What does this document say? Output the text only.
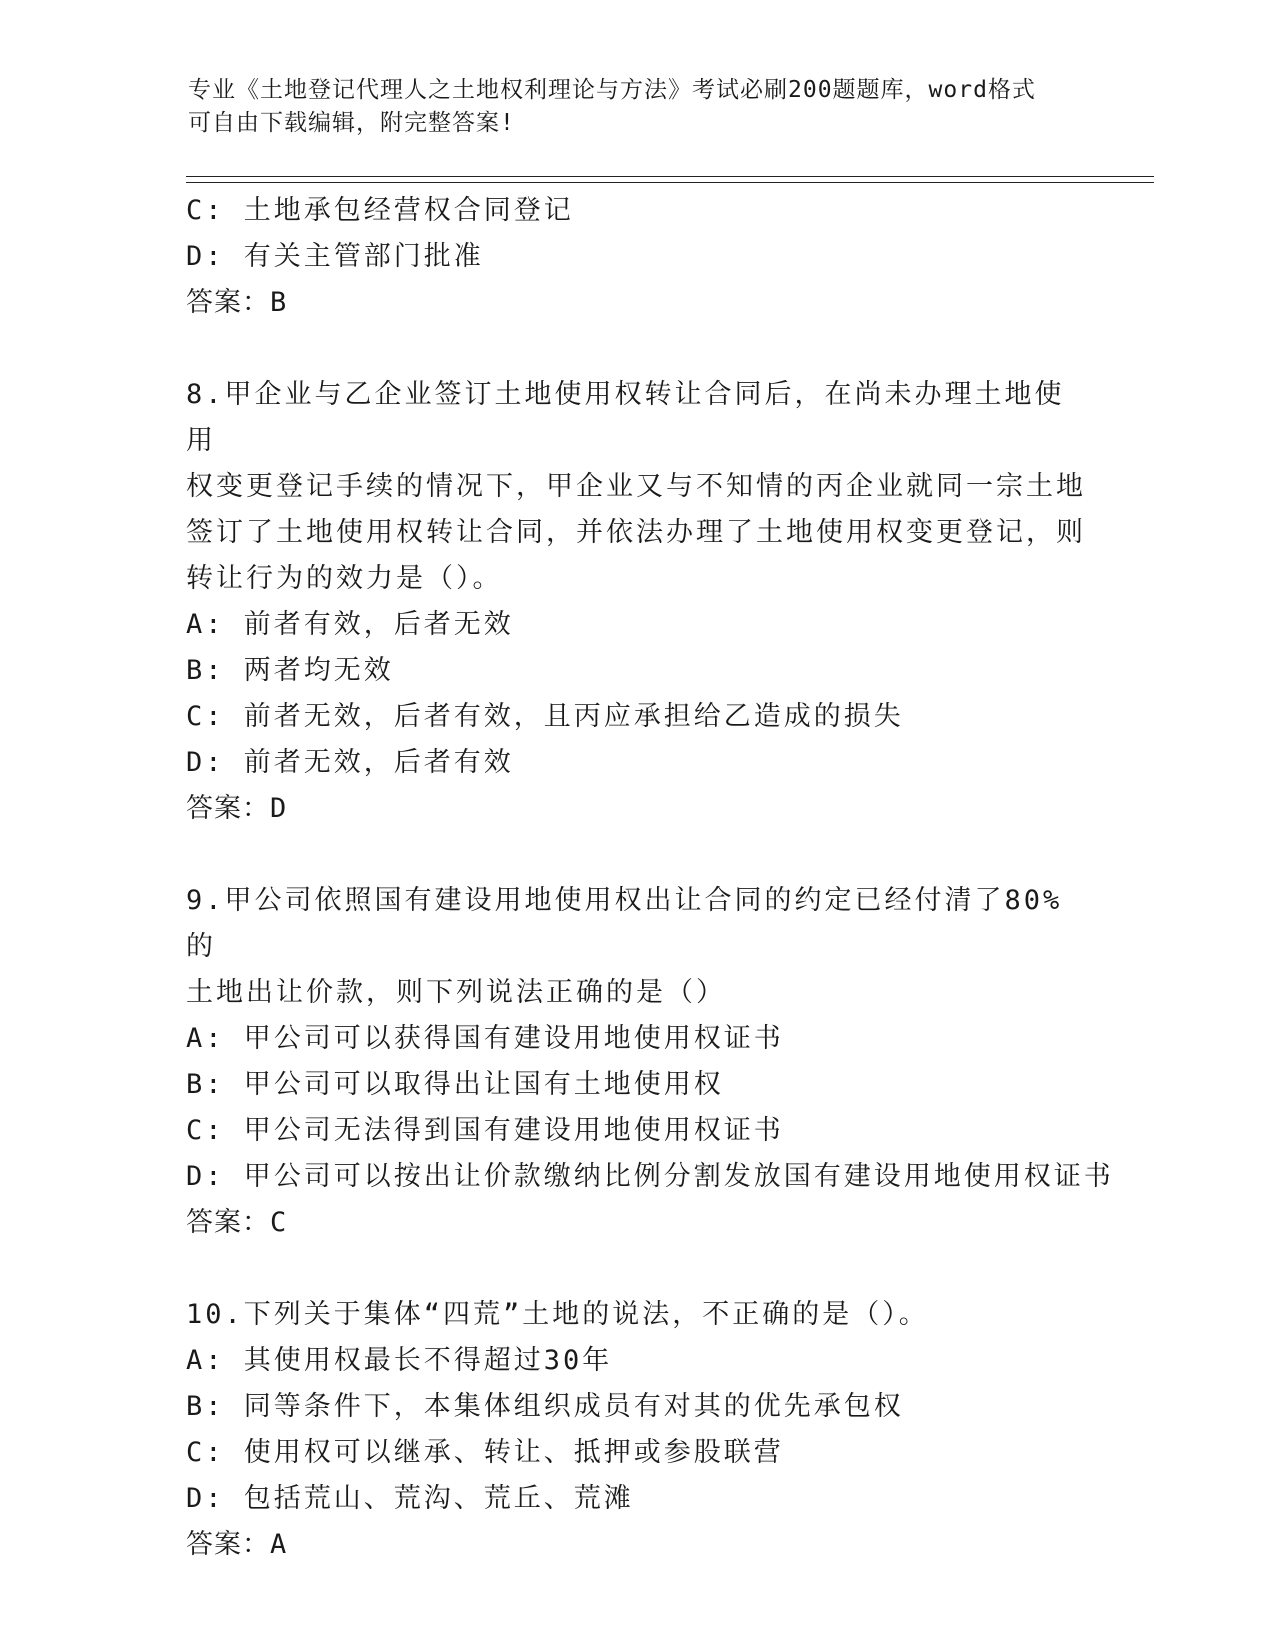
专业《土地登记代理人之土地权利理论与方法》考试必刷200题题库，word格式
可自由下载编辑，附完整答案!
C: 土地承包经营权合同登记
D: 有关主管部门批准
答案：B
8.甲企业与乙企业签订土地使用权转让合同后，在尚未办理土地使用
权变更登记手续的情况下，甲企业又与不知情的丙企业就同一宗土地
签订了土地使用权转让合同，并依法办理了土地使用权变更登记，则
转让行为的效力是（）。
A: 前者有效，后者无效
B: 两者均无效
C: 前者无效，后者有效，且丙应承担给乙造成的损失
D: 前者无效，后者有效
答案：D
9.甲公司依照国有建设用地使用权出让合同的约定已经付清了80%的
土地出让价款，则下列说法正确的是（）
A: 甲公司可以获得国有建设用地使用权证书
B: 甲公司可以取得出让国有土地使用权
C: 甲公司无法得到国有建设用地使用权证书
D: 甲公司可以按出让价款缴纳比例分割发放国有建设用地使用权证书
答案：C
10.下列关于集体“四荒”土地的说法，不正确的是（）。
A: 其使用权最长不得超过30年
B: 同等条件下，本集体组织成员有对其的优先承包权
C: 使用权可以继承、转让、抵押或参股联营
D: 包括荒山、荒沟、荒丘、荒滩
答案：A
